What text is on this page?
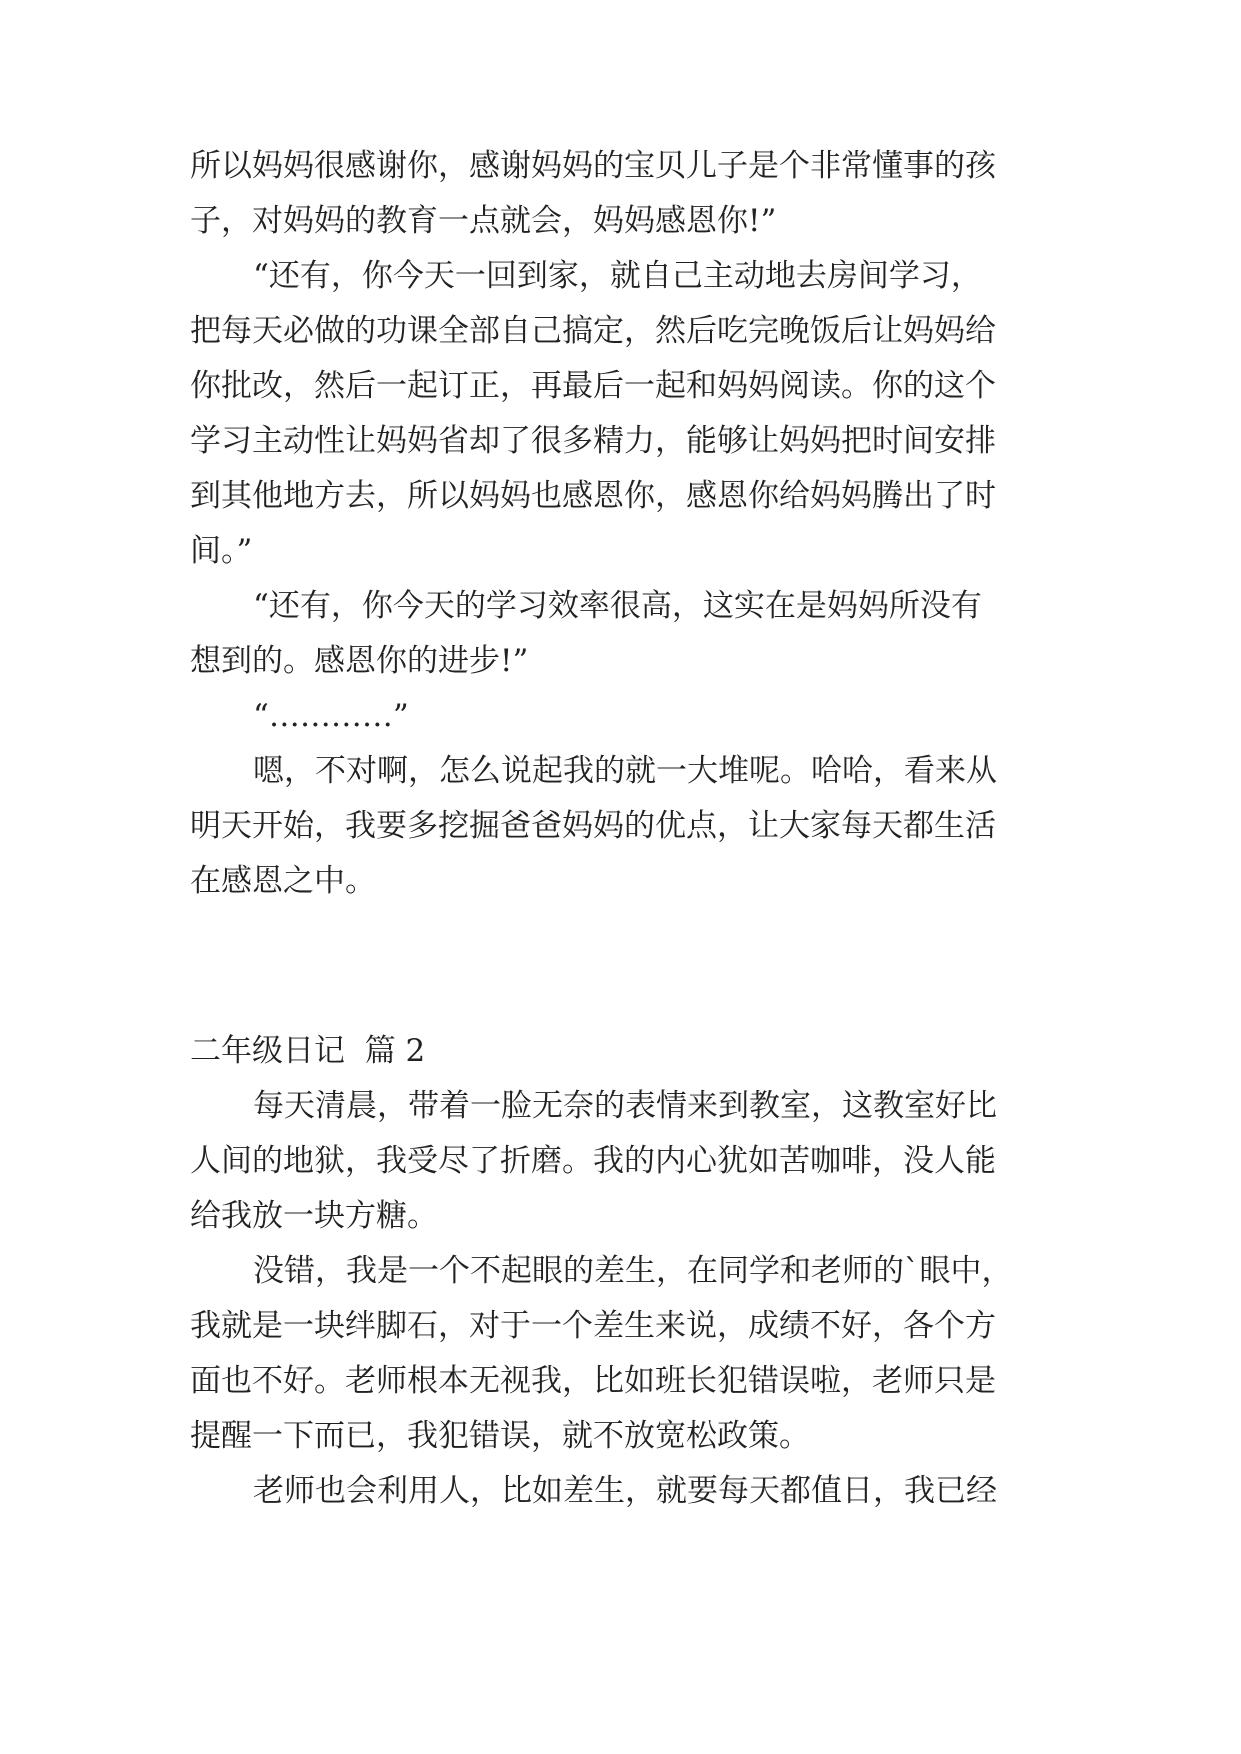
所以妈妈很感谢你，感谢妈妈的宝贝儿子是个非常懂事的孩

子，对妈妈的教育一点就会，妈妈感恩你!”

“还有，你今天一回到家，就自己主动地去房间学习，

把每天必做的功课全部自己搞定，然后吃完晚饭后让妈妈给

你批改，然后一起订正，再最后一起和妈妈阅读。你的这个

学习主动性让妈妈省却了很多精力，能够让妈妈把时间安排

到其他地方去，所以妈妈也感恩你，感恩你给妈妈腾出了时

间。”

“还有，你今天的学习效率很高，这实在是妈妈所没有

想到的。感恩你的进步!”

“…………”

嗯，不对啊，怎么说起我的就一大堆呢。哈哈，看来从

明天开始，我要多挖掘爸爸妈妈的优点，让大家每天都生活

在感恩之中。

二年级日记  篇 2

每天清晨，带着一脸无奈的表情来到教室，这教室好比

人间的地狱，我受尽了折磨。我的内心犹如苦咖啡，没人能

给我放一块方糖。

没错，我是一个不起眼的差生，在同学和老师的`眼中，

我就是一块绊脚石，对于一个差生来说，成绩不好，各个方

面也不好。老师根本无视我，比如班长犯错误啦，老师只是

提醒一下而已，我犯错误，就不放宽松政策。

老师也会利用人，比如差生，就要每天都值日，我已经
